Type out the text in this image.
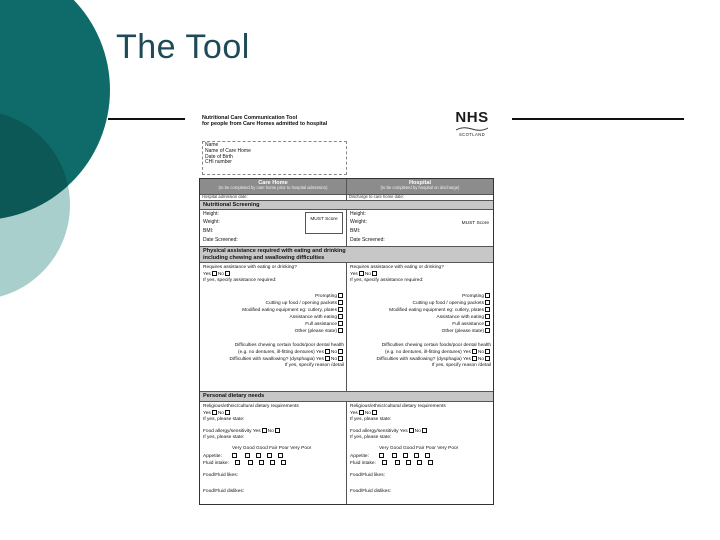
The Tool
Nutritional Care Communication Tool
for people from Care Homes admitted to hospital	NHS
SCOTLAND
Name
Name of Care Home
Date of Birth
CHI number
Care Home
(to be completed by care home prior to hospital admission)
Hospital
(to be completed by hospital on discharge)
Hospital admission date:	Discharge to care home date:
Nutritional Screening
Height:
Weight:
BMI:
Date Screened:
MUST Score
Height:
Weight:
BMI:
Date Screened:
MUST Score
Physical assistance required with eating and drinking
including chewing and swallowing difficulties
Requires assistance with eating or drinking?
Yes No
If yes, specify assistance required:
Prompting
Cutting up food / opening packets
Modified eating equipment eg: cutlery, plates
Assistance with eating
Full assistance
Other (please state)
Difficulties chewing certain foods/poor dental health
(e.g. no dentures, ill-fitting dentures) Yes No
Difficulties with swallowing? (dysphagia) Yes No
If yes, specify reason /detail
Requires assistance with eating or drinking?
Yes No
If yes, specify assistance required:
Prompting
Cutting up food / opening packets
Modified eating equipment eg: cutlery, plates
Assistance with eating
Full assistance
Other (please state)
Difficulties chewing certain foods/poor dental health
(e.g. no dentures, ill-fitting dentures) Yes No
Difficulties with swallowing? (dysphagia) Yes No
If yes, specify reason /detail
Personal dietary needs
Religious/ethnic/cultural dietary requirements
Yes No
If yes, please state:
Food allergy/sensitivity Yes No
If yes, please state:
Very Good Good Fair Poor Very Poor
Appetite:
Fluid intake:
Food/Fluid likes:
Food/Fluid dislikes:
Religious/ethnic/cultural dietary requirements
Yes No
If yes, please state:
Food allergy/sensitivity Yes No
If yes, please state:
Very Good Good Fair Poor Very Poor
Appetite:
Fluid intake:
Food/Fluid likes:
Food/Fluid dislikes:
